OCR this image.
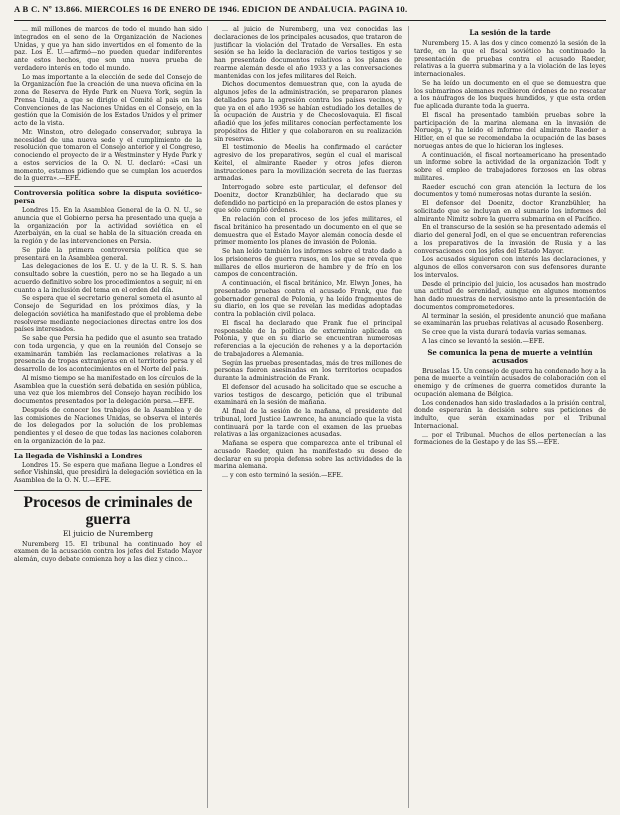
A B C. Nº 13.866. MIERCOLES 16 DE ENERO DE 1946. EDICION DE ANDALUCIA. PAGINA 10.

... mil millones de marcos de todo el mundo han sido integrados en el seno de la Organización de Naciones Unidas, y que ya han sido invertidos en el fomento de la paz. Los E. U.—afirmó—no pueden quedar indiferentes ante estos hechos, que son una nueva prueba de verdadero interés en todo el mundo.

Lo mas importante a la elección de sede del Consejo de la Organización fue la creación de una nueva oficina en la zona de Reserva de Hyde Park en Nueva York, según la Prensa Unida, a que se dirigio el Comité al pais en las Convenciones de las Naciones Unidas en el Consejo, en la gestión que la Comisión de los Estados Unidos y el primer acto de la vista.

Mr. Winston, otro delegado conservador, subraya la necesidad de una nueva sede y el cumplimiento de la resolución que tomaron el Consejo anterior y el Congreso, conociendo el proyecto de ir a Westminster y Hyde Park y a estos servicios de la O. N. U. declaró: «Casi un momento, estamos pidiendo que se cumplan los acuerdos de la guerra».—EFE.

Controversia política sobre la disputa soviético-persa

Londres 15. En la Asamblea General de la O. N. U., se anuncia que el Gobierno persa ha presentado una queja a la organización por la actividad soviética en el Azerbaiyán, en la cual se habla de la situación creada en la región y de las intervenciones en Persia.

Se pide la primera controversia política que se presentará en la Asamblea general.

Las delegaciones de los E. U. y de la U. R. S. S. han consultado sobre la cuestión, pero no se ha llegado a un acuerdo definitivo sobre los procedimientos a seguir, ni en cuanto a la inclusión del tema en el orden del día.

Se espera que el secretario general someta el asunto al Consejo de Seguridad en los próximos días, y la delegación soviética ha manifestado que el problema debe resolverse mediante negociaciones directas entre los dos países interesados.

Se sabe que Persia ha pedido que el asunto sea tratado con toda urgencia, y que en la reunión del Consejo se examinarán también las reclamaciones relativas a la presencia de tropas extranjeras en el territorio persa y el desarrollo de los acontecimientos en el Norte del país.

Al mismo tiempo se ha manifestado en los círculos de la Asamblea que la cuestión será debatida en sesión pública, una vez que los miembros del Consejo hayan recibido los documentos presentados por la delegación persa.—EFE.

Después de conocer los trabajos de la Asamblea y de las comisiones de Naciones Unidas, se observa el interés de los delegados por la solución de los problemas pendientes y el deseo de que todas las naciones colaboren en la organización de la paz.

La llegada de Vishinski a Londres

Londres 15. Se espera que mañana llegue a Londres el señor Vishinski, que presidirá la delegación soviética en la Asamblea de la O. N. U.—EFE.

Procesos de criminales de guerra
El juicio de Nuremberg

Nuremberg 15. El tribunal ha continuado hoy el examen de la acusación contra los jefes del Estado Mayor alemán, cuyo debate comienza hoy a las diez y cinco...

... al juicio de Nuremberg, una vez conocidas las declaraciones de los principales acusados, que trataron de justificar la violación del Tratado de Versalles. En esta sesión se ha leído la declaración de varios testigos y se han presentado documentos relativos a los planes de rearme alemán desde el año 1933 y a las conversaciones mantenidas con los jefes militares del Reich.

Dichos documentos demuestran que, con la ayuda de algunos jefes de la administración, se prepararon planes detallados para la agresión contra los países vecinos, y que ya en el año 1936 se habían estudiado los detalles de la ocupación de Austria y de Checoslovaquia. El fiscal añadió que los jefes militares conocían perfectamente los propósitos de Hitler y que colaboraron en su realización sin reservas.

El testimonio de Meelis ha confirmado el carácter agresivo de los preparativos, según el cual el mariscal Keitel, el almirante Raeder y otros jefes dieron instrucciones para la movilización secreta de las fuerzas armadas.

Interrogado sobre este particular, el defensor del Doenitz, doctor Kranzbühler, ha declarado que su defendido no participó en la preparación de estos planes y que sólo cumplió órdenes.

En relación con el proceso de los jefes militares, el fiscal británico ha presentado un documento en el que se demuestra que el Estado Mayor alemán conocía desde el primer momento los planes de invasión de Polonia.

Se han leído también los informes sobre el trato dado a los prisioneros de guerra rusos, en los que se revela que millares de ellos murieron de hambre y de frío en los campos de concentración.

A continuación, el fiscal británico, Mr. Elwyn Jones, ha presentado pruebas contra el acusado Frank, que fue gobernador general de Polonia, y ha leído fragmentos de su diario, en los que se revelan las medidas adoptadas contra la población civil polaca.

El fiscal ha declarado que Frank fue el principal responsable de la política de exterminio aplicada en Polonia, y que en su diario se encuentran numerosas referencias a la ejecución de rehenes y a la deportación de trabajadores a Alemania.

Según las pruebas presentadas, más de tres millones de personas fueron asesinadas en los territorios ocupados durante la administración de Frank.

El defensor del acusado ha solicitado que se escuche a varios testigos de descargo, petición que el tribunal examinará en la sesión de mañana.

Al final de la sesión de la mañana, el presidente del tribunal, lord Justice Lawrence, ha anunciado que la vista continuará por la tarde con el examen de las pruebas relativas a las organizaciones acusadas.

Mañana se espera que comparezca ante el tribunal el acusado Raeder, quien ha manifestado su deseo de declarar en su propia defensa sobre las actividades de la marina alemana.

... y con esto terminó la sesión.—EFE.

La sesión de la tarde

Nuremberg 15. A las dos y cinco comenzó la sesión de la tarde, en la que el fiscal soviético ha continuado la presentación de pruebas contra el acusado Raeder, relativas a la guerra submarina y a la violación de las leyes internacionales.

Se ha leído un documento en el que se demuestra que los submarinos alemanes recibieron órdenes de no rescatar a los náufragos de los buques hundidos, y que esta orden fue aplicada durante toda la guerra.

El fiscal ha presentado también pruebas sobre la participación de la marina alemana en la invasión de Noruega, y ha leído el informe del almirante Raeder a Hitler, en el que se recomendaba la ocupación de las bases noruegas antes de que lo hicieran los ingleses.

A continuación, el fiscal norteamericano ha presentado un informe sobre la actividad de la organización Todt y sobre el empleo de trabajadores forzosos en las obras militares.

Raeder escuchó con gran atención la lectura de los documentos y tomó numerosas notas durante la sesión.

El defensor del Doenitz, doctor Kranzbühler, ha solicitado que se incluyan en el sumario los informes del almirante Nimitz sobre la guerra submarina en el Pacífico.

En el transcurso de la sesión se ha presentado además el diario del general Jodl, en el que se encuentran referencias a los preparativos de la invasión de Rusia y a las conversaciones con los jefes del Estado Mayor.

Los acusados siguieron con interés las declaraciones, y algunos de ellos conversaron con sus defensores durante los intervalos.

Desde el principio del juicio, los acusados han mostrado una actitud de serenidad, aunque en algunos momentos han dado muestras de nerviosismo ante la presentación de documentos comprometedores.

Al terminar la sesión, el presidente anunció que mañana se examinarán las pruebas relativas al acusado Rosenberg.

Se cree que la vista durará todavía varias semanas.

A las cinco se levantó la sesión.—EFE.

Se comunica la pena de muerte a veintiún acusados

Bruselas 15. Un consejo de guerra ha condenado hoy a la pena de muerte a veintiún acusados de colaboración con el enemigo y de crímenes de guerra cometidos durante la ocupación alemana de Bélgica.

Los condenados han sido trasladados a la prisión central, donde esperarán la decisión sobre sus peticiones de indulto, que serán examinadas por el Tribunal Internacional.

... por el Tribunal. Muchos de ellos pertenecían a las formaciones de la Gestapo y de las SS.—EFE.
